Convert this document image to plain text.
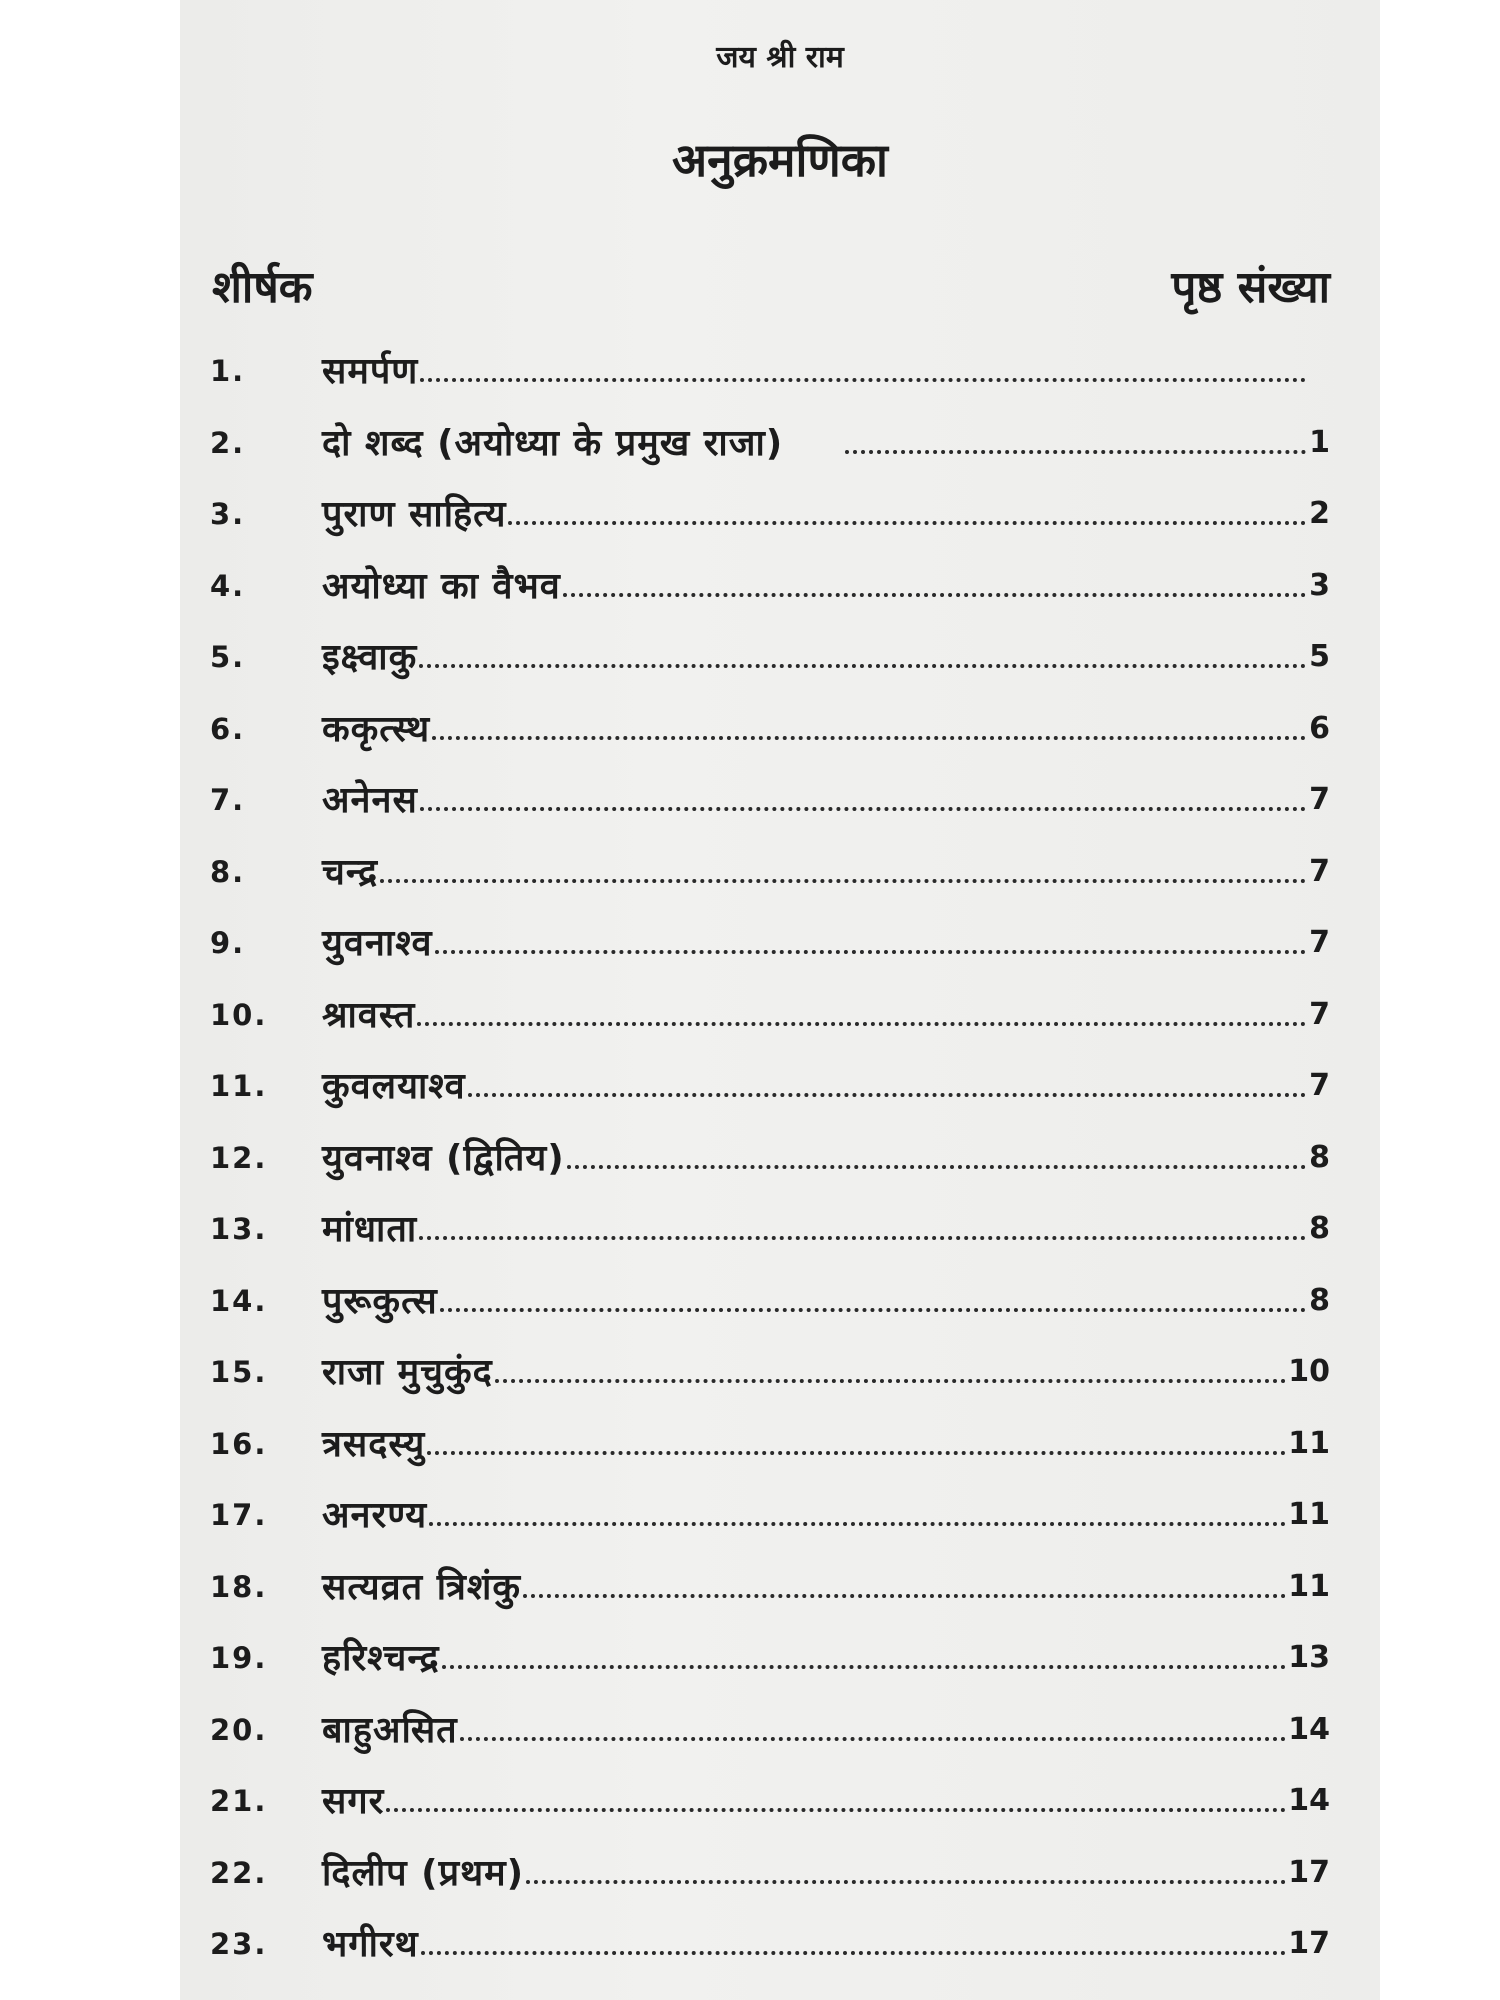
जय श्री राम
अनुक्रमणिका
शीर्षक	पृष्ठ संख्या
1.	समर्पण
2.	दो शब्द (अयोध्या के प्रमुख राजा)	1
3.	पुराण साहित्य	2
4.	अयोध्या का वैभव	3
5.	इक्ष्वाकु	5
6.	ककृत्स्थ	6
7.	अनेनस	7
8.	चन्द्र	7
9.	युवनाश्व	7
10.	श्रावस्त	7
11.	कुवलयाश्व	7
12.	युवनाश्व (द्वितिय)	8
13.	मांधाता	8
14.	पुरूकुत्स	8
15.	राजा मुचुकुंद	10
16.	त्रसदस्यु	11
17.	अनरण्य	11
18.	सत्यव्रत त्रिशंकु	11
19.	हरिश्चन्द्र	13
20.	बाहुअसित	14
21.	सगर	14
22.	दिलीप (प्रथम)	17
23.	भगीरथ	17
